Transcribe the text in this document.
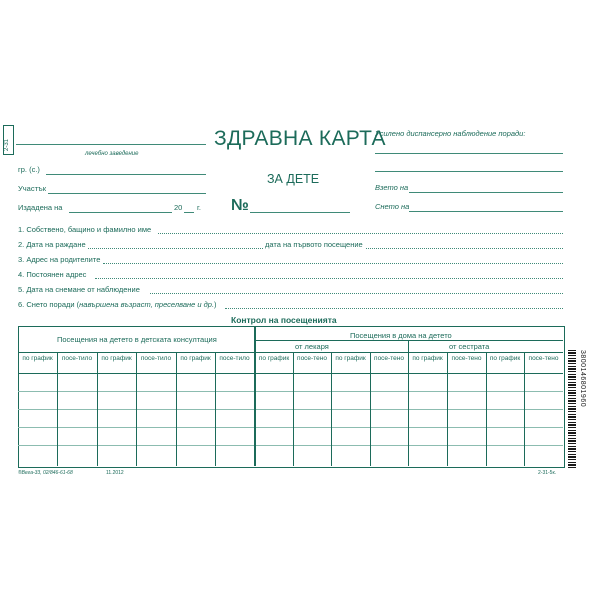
2-31
лечебно заведение
гр. (с.)
Участък
Издадена на	20 г.
ЗДРАВНА КАРТА
ЗА ДЕТЕ
№
Усилено диспансерно наблюдение поради:
Взето на
Снето на
1. Собствено, бащино и фамилно име
2. Дата на раждане	дата на първото посещение
3. Адрес на родителите
4. Постоянен адрес
5. Дата на снемане от наблюдение
6. Снето поради (навършена възраст, преселване и др.)
Контрол на посещенията
Посещения на детето в детската консултация	Посещения в дома на детето
от лекаря	от сестрата
по график	посе-тило	по график	посе-тило	по график	посе-тило	по график	посе-тено	по график	посе-тено	по график	посе-тено	по график	посе-тено
®Вега-33, 02/846-61-68	11.2012	2-31-5к.
3800146801960
